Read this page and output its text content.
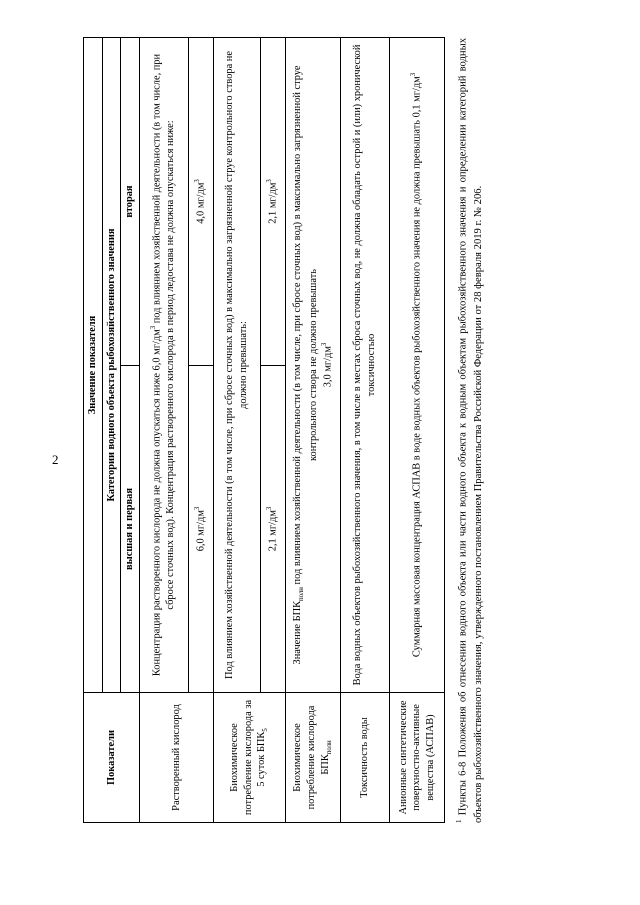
2
Показатели	Значение показателя	
	Категории водного объекта рыбохозяйственного значения	
	высшая и первая	вторая
Растворенный кислород	Концентрация растворенного кислорода не должна опускаться ниже 6,0 $мг/дм^3$ под влиянием хозяйственной деятельности (в том числе, при сбросе сточных вод). Концентрация растворенного кислорода в период ледостава не должна опускаться ниже:	
	6,0 $мг/дм^3$	4,0 $мг/дм^3$
Биохимическое потребление кислорода за 5 суток $БПК_5$	Под влиянием хозяйственной деятельности (в том числе, при сбросе сточных вод) в максимально загрязненной струе контрольного створа не должно превышать:	
	2,1 $мг/дм^3$	2,1 $мг/дм^3$
Биохимическое потребление кислорода $БПК_{полн}$	Значение $БПК_{полн}$ под влиянием хозяйственной деятельности (в том числе, при сбросе сточных вод) в максимально загрязненной струе контрольного створа не должно превышать 3,0 $мг/дм^3$
Токсичность воды	Вода водных объектов рыбохозяйственного значения, в том числе в местах сброса сточных вод, не должна обладать острой и (или) хронической токсичностью	
Анионные синтетические поверхностно-активные вещества (АСПАВ)	Суммарная массовая концентрация АСПАВ в воде водных объектов рыбохозяйственного значения не должна превышать 0,1 $мг/дм^3$
$^1$ Пункты 6-8 Положения об отнесении водного объекта или части водного объекта к водным объектам рыбохозяйственного значения и определении категорий водных объектов рыбохозяйственного значения, утвержденного постановлением Правительства Российской Федерации от 28 февраля 2019 г. № 206.
